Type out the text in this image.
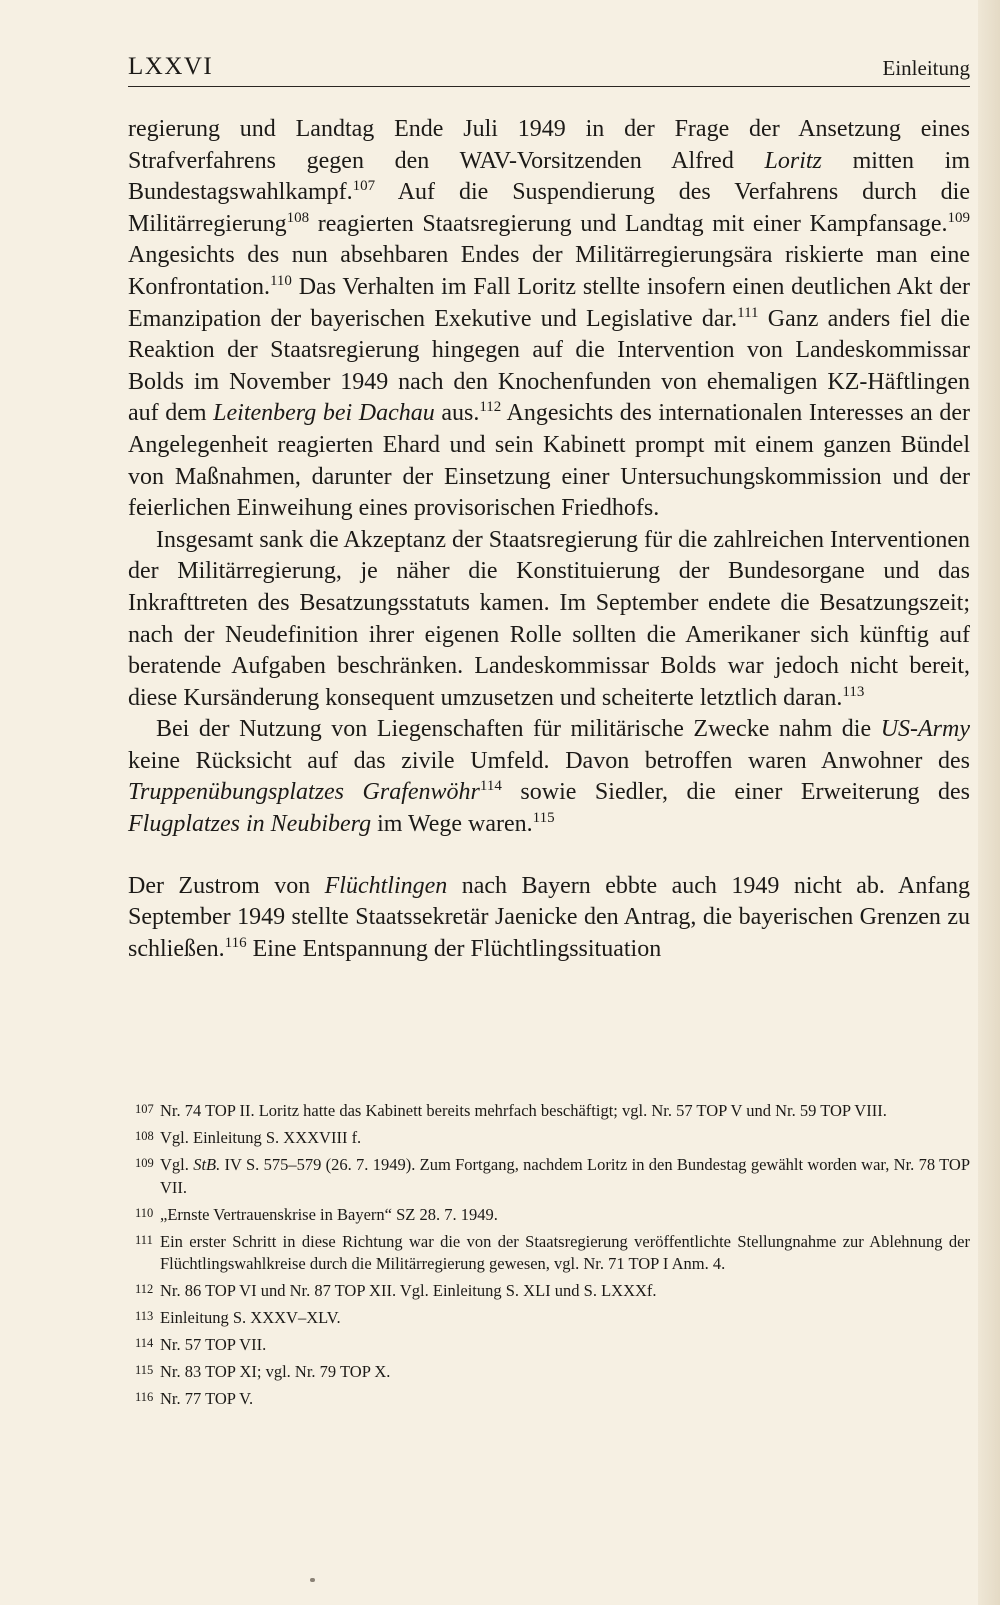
LXXVI	Einleitung

regierung und Landtag Ende Juli 1949 in der Frage der Ansetzung eines Strafverfahrens gegen den WAV-Vorsitzenden Alfred Loritz mitten im Bundestagswahlkampf.$^{107}$ Auf die Suspendierung des Verfahrens durch die Militärregierung$^{108}$ reagierten Staatsregierung und Landtag mit einer Kampfansage.$^{109}$ Angesichts des nun absehbaren Endes der Militärregierungsära riskierte man eine Konfrontation.$^{110}$ Das Verhalten im Fall Loritz stellte insofern einen deutlichen Akt der Emanzipation der bayerischen Exekutive und Legislative dar.$^{111}$ Ganz anders fiel die Reaktion der Staatsregierung hingegen auf die Intervention von Landeskommissar Bolds im November 1949 nach den Knochenfunden von ehemaligen KZ-Häftlingen auf dem Leitenberg bei Dachau aus.$^{112}$ Angesichts des internationalen Interesses an der Angelegenheit reagierten Ehard und sein Kabinett prompt mit einem ganzen Bündel von Maßnahmen, darunter der Einsetzung einer Untersuchungskommission und der feierlichen Einweihung eines provisorischen Friedhofs.

Insgesamt sank die Akzeptanz der Staatsregierung für die zahlreichen Interventionen der Militärregierung, je näher die Konstituierung der Bundesorgane und das Inkrafttreten des Besatzungsstatuts kamen. Im September endete die Besatzungszeit; nach der Neudefinition ihrer eigenen Rolle sollten die Amerikaner sich künftig auf beratende Aufgaben beschränken. Landeskommissar Bolds war jedoch nicht bereit, diese Kursänderung konsequent umzusetzen und scheiterte letztlich daran.$^{113}$

Bei der Nutzung von Liegenschaften für militärische Zwecke nahm die US-Army keine Rücksicht auf das zivile Umfeld. Davon betroffen waren Anwohner des Truppenübungsplatzes Grafenwöhr$^{114}$ sowie Siedler, die einer Erweiterung des Flugplatzes in Neubiberg im Wege waren.$^{115}$

Der Zustrom von Flüchtlingen nach Bayern ebbte auch 1949 nicht ab. Anfang September 1949 stellte Staatssekretär Jaenicke den Antrag, die bayerischen Grenzen zu schließen.$^{116}$ Eine Entspannung der Flüchtlingssituation

107 Nr. 74 TOP II. Loritz hatte das Kabinett bereits mehrfach beschäftigt; vgl. Nr. 57 TOP V und Nr. 59 TOP VIII.
108 Vgl. Einleitung S. XXXVIII f.
109 Vgl. StB. IV S. 575–579 (26. 7. 1949). Zum Fortgang, nachdem Loritz in den Bundestag gewählt worden war, Nr. 78 TOP VII.
110 „Ernste Vertrauenskrise in Bayern“ SZ 28. 7. 1949.
111 Ein erster Schritt in diese Richtung war die von der Staatsregierung veröffentlichte Stellungnahme zur Ablehnung der Flüchtlingswahlkreise durch die Militärregierung gewesen, vgl. Nr. 71 TOP I Anm. 4.
112 Nr. 86 TOP VI und Nr. 87 TOP XII. Vgl. Einleitung S. XLI und S. LXXXf.
113 Einleitung S. XXXV–XLV.
114 Nr. 57 TOP VII.
115 Nr. 83 TOP XI; vgl. Nr. 79 TOP X.
116 Nr. 77 TOP V.
